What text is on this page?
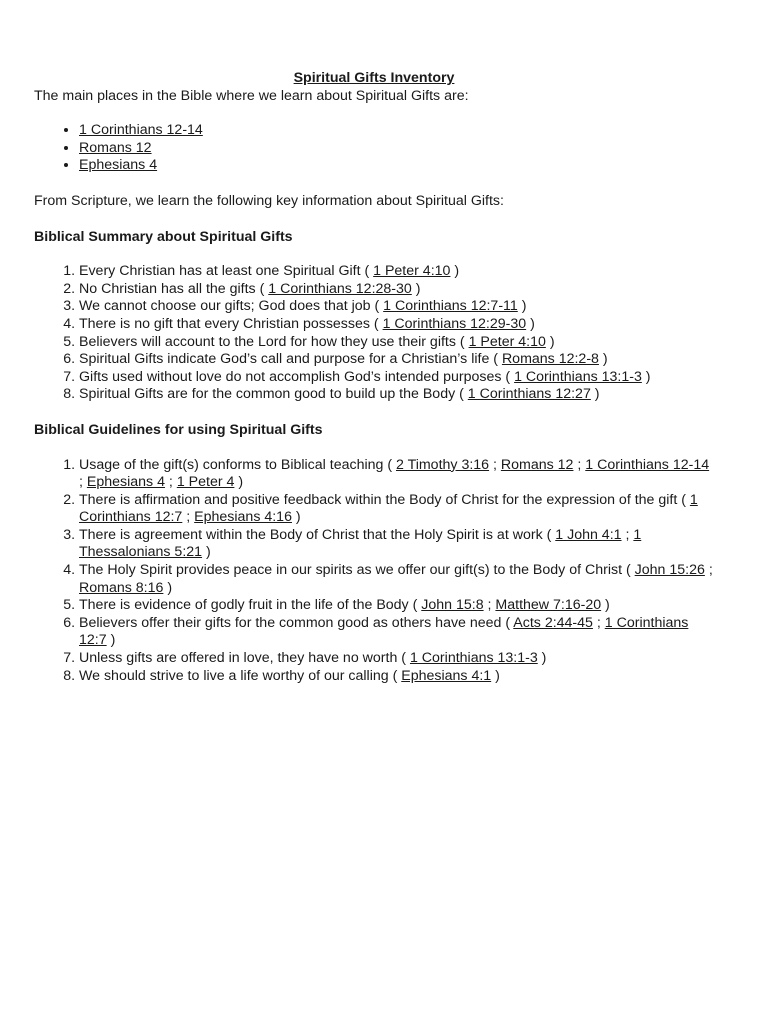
Spiritual Gifts Inventory

The main places in the Bible where we learn about Spiritual Gifts are:

• 1 Corinthians 12-14
• Romans 12
• Ephesians 4

From Scripture, we learn the following key information about Spiritual Gifts:

Biblical Summary about Spiritual Gifts

1. Every Christian has at least one Spiritual Gift ( 1 Peter 4:10 )
2. No Christian has all the gifts ( 1 Corinthians 12:28-30 )
3. We cannot choose our gifts; God does that job ( 1 Corinthians 12:7-11 )
4. There is no gift that every Christian possesses ( 1 Corinthians 12:29-30 )
5. Believers will account to the Lord for how they use their gifts ( 1 Peter 4:10 )
6. Spiritual Gifts indicate God’s call and purpose for a Christian’s life ( Romans 12:2-8 )
7. Gifts used without love do not accomplish God’s intended purposes ( 1 Corinthians 13:1-3 )
8. Spiritual Gifts are for the common good to build up the Body ( 1 Corinthians 12:27 )

Biblical Guidelines for using Spiritual Gifts

1. Usage of the gift(s) conforms to Biblical teaching ( 2 Timothy 3:16 ; Romans 12 ; 1 Corinthians 12-14 ; Ephesians 4 ; 1 Peter 4 )
2. There is affirmation and positive feedback within the Body of Christ for the expression of the gift ( 1 Corinthians 12:7 ; Ephesians 4:16 )
3. There is agreement within the Body of Christ that the Holy Spirit is at work ( 1 John 4:1 ; 1 Thessalonians 5:21 )
4. The Holy Spirit provides peace in our spirits as we offer our gift(s) to the Body of Christ ( John 15:26 ; Romans 8:16 )
5. There is evidence of godly fruit in the life of the Body ( John 15:8 ; Matthew 7:16-20 )
6. Believers offer their gifts for the common good as others have need ( Acts 2:44-45 ; 1 Corinthians 12:7 )
7. Unless gifts are offered in love, they have no worth ( 1 Corinthians 13:1-3 )
8. We should strive to live a life worthy of our calling ( Ephesians 4:1 )
